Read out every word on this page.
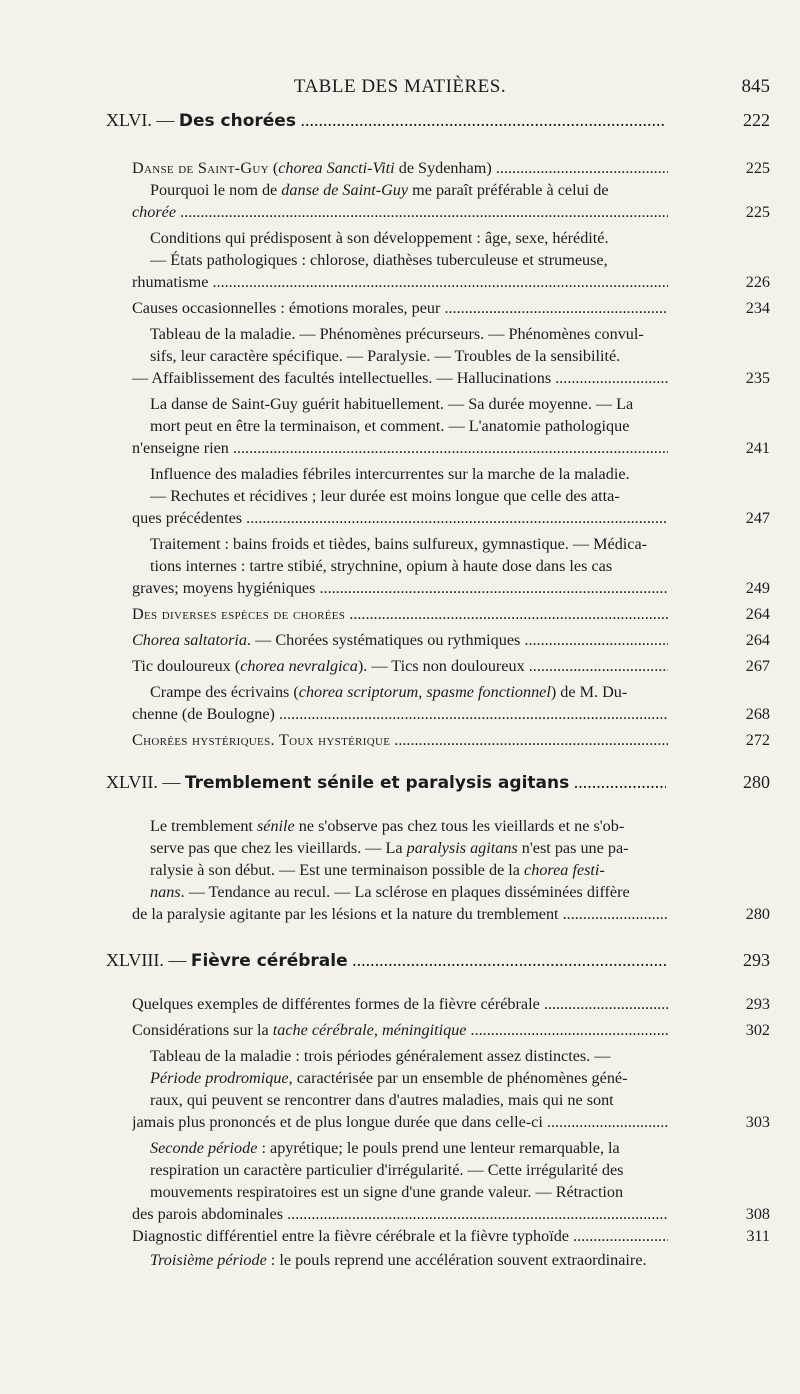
TABLE DES MATIÈRES.	845
XLVI. — Des chorées .....	222
Danse de Saint-Guy (chorea Sancti-Viti de Sydenham) .....	225
Pourquoi le nom de danse de Saint-Guy me paraît préférable à celui de
chorée .....	225
Conditions qui prédisposent à son développement : âge, sexe, hérédité.
— États pathologiques : chlorose, diathèses tuberculeuse et strumeuse,
rhumatisme .....	226
Causes occasionnelles : émotions morales, peur .....	234
Tableau de la maladie. — Phénomènes précurseurs. — Phénomènes convul-
sifs, leur caractère spécifique. — Paralysie. — Troubles de la sensibilité.
— Affaiblissement des facultés intellectuelles. — Hallucinations .....	235
La danse de Saint-Guy guérit habituellement. — Sa durée moyenne. — La
mort peut en être la terminaison, et comment. — L'anatomie pathologique
n'enseigne rien .....	241
Influence des maladies fébriles intercurrentes sur la marche de la maladie.
— Rechutes et récidives ; leur durée est moins longue que celle des atta-
ques précédentes .....	247
Traitement : bains froids et tièdes, bains sulfureux, gymnastique. — Médica-
tions internes : tartre stibié, strychnine, opium à haute dose dans les cas
graves; moyens hygiéniques .....	249
Des diverses espèces de chorées .....	264
Chorea saltatoria. — Chorées systématiques ou rythmiques .....	264
Tic douloureux (chorea nevralgica). — Tics non douloureux .....	267
Crampe des écrivains (chorea scriptorum, spasme fonctionnel) de M. Du-
chenne (de Boulogne) .....	268
Chorées hystériques. Toux hystérique .....	272
XLVII. — Tremblement sénile et paralysis agitans .....	280
Le tremblement sénile ne s'observe pas chez tous les vieillards et ne s'ob-
serve pas que chez les vieillards. — La paralysis agitans n'est pas une pa-
ralysie à son début. — Est une terminaison possible de la chorea festi-
nans. — Tendance au recul. — La sclérose en plaques disséminées diffère
de la paralysie agitante par les lésions et la nature du tremblement .....	280
XLVIII. — Fièvre cérébrale .....	293
Quelques exemples de différentes formes de la fièvre cérébrale .....	293
Considérations sur la tache cérébrale, méningitique .....	302
Tableau de la maladie : trois périodes généralement assez distinctes. —
Période prodromique, caractérisée par un ensemble de phénomènes géné-
raux, qui peuvent se rencontrer dans d'autres maladies, mais qui ne sont
jamais plus prononcés et de plus longue durée que dans celle-ci .....	303
Seconde période : apyrétique; le pouls prend une lenteur remarquable, la
respiration un caractère particulier d'irrégularité. — Cette irrégularité des
mouvements respiratoires est un signe d'une grande valeur. — Rétraction
des parois abdominales .....	308
Diagnostic différentiel entre la fièvre cérébrale et la fièvre typhoïde .....	311
Troisième période : le pouls reprend une accélération souvent extraordinaire.
